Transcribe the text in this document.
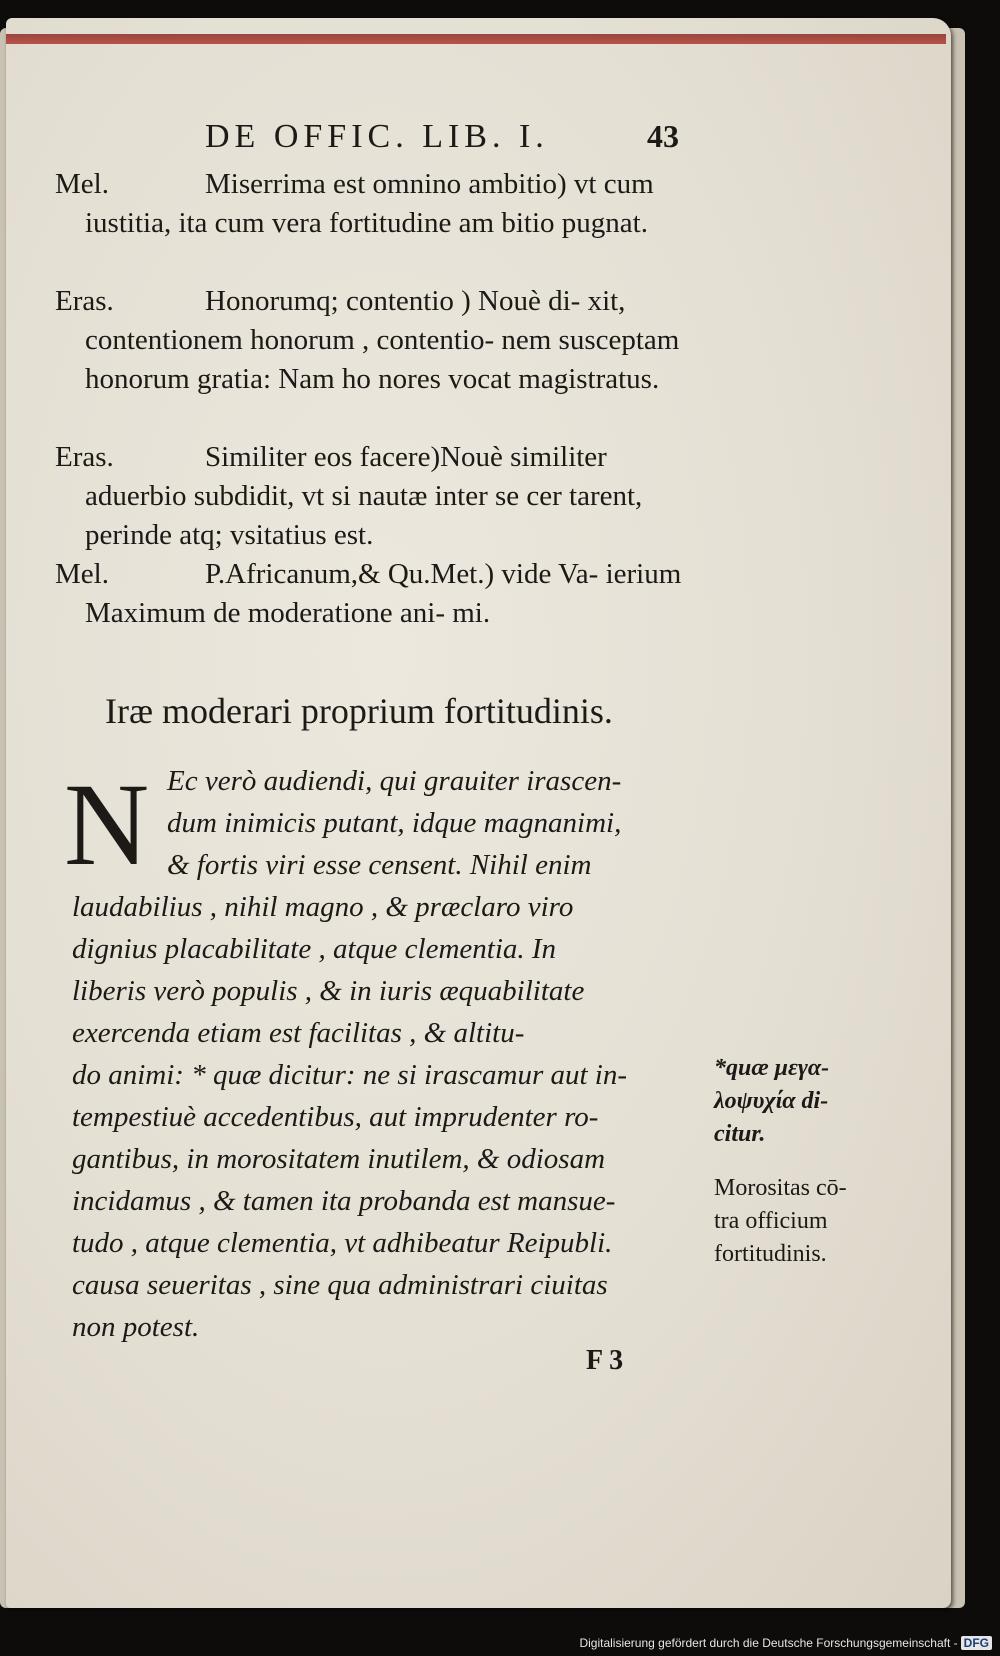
DE OFFIC. LIB. I.	43
Mel.	Miserrima est omnino ambitio) vt cum iustitia, ita cum vera fortitudine am bitio pugnat.
Eras.	Honorumq; contentio ) Nouè di- xit, contentionem honorum , contentio- nem susceptam honorum gratia: Nam ho nores vocat magistratus.
Eras.	Similiter eos facere)Nouè similiter aduerbio subdidit, vt si nautæ inter se cer tarent, perinde atq; vsitatius est.
Mel.	P.Africanum,& Qu.Met.) vide Va- ierium Maximum de moderatione ani- mi.
Iræ moderari proprium fortitudinis.
N Ec verò audiendi, qui grauiter irascen-
dum inimicis putant, idque magnanimi,
& fortis viri esse censent. Nihil enim
laudabilius , nihil magno , & præclaro viro
dignius placabilitate , atque clementia. In
liberis verò populis , & in iuris æquabilitate
exercenda etiam est facilitas , & altitu-
do animi: * quæ dicitur: ne si irascamur aut in-
tempestiuè accedentibus, aut imprudenter ro-
gantibus, in morositatem inutilem, & odiosam
incidamus , & tamen ita probanda est mansue-
tudo , atque clementia, vt adhibeatur Reipubli.
causa seueritas , sine qua administrari ciuitas
non potest.
*quæ μεγα-
λοψυχία di-
citur.
Morositas cō-
tra officium
fortitudinis.
F 3
Digitalisierung gefördert durch die Deutsche Forschungsgemeinschaft - DFG
